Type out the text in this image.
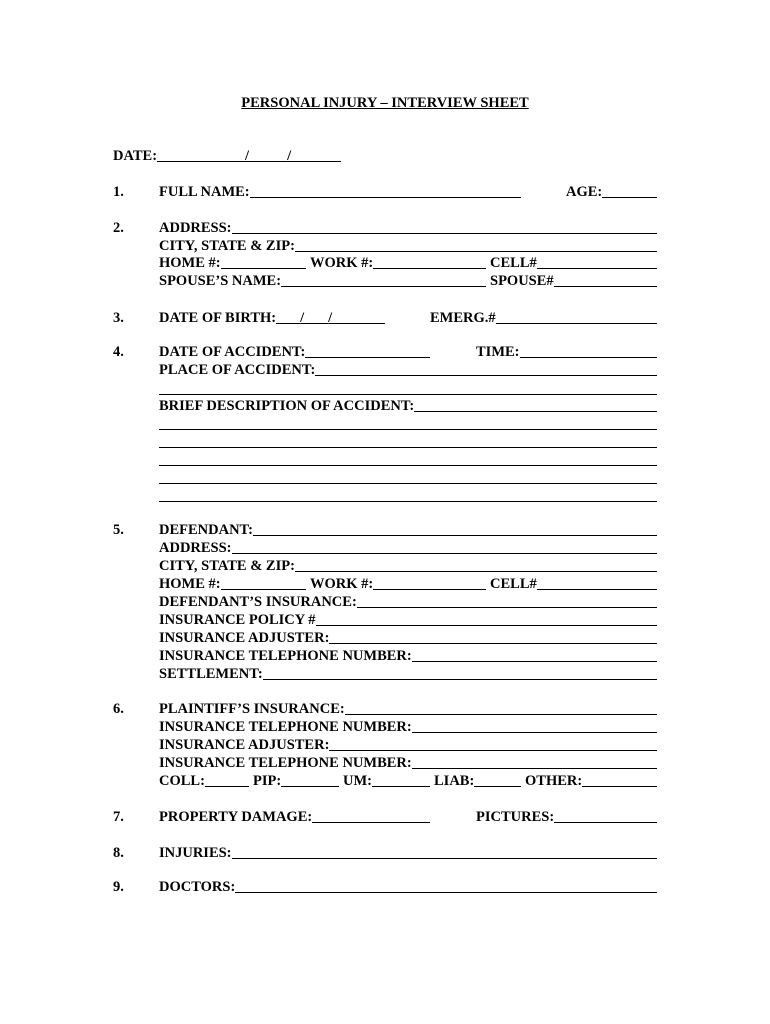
PERSONAL INJURY – INTERVIEW SHEET
DATE:	/	/
1.	FULL NAME:	AGE:
2.	ADDRESS:
CITY, STATE & ZIP:
HOME #:	WORK #:	CELL#
SPOUSE’S NAME:	SPOUSE#
3.	DATE OF BIRTH: / /	EMERG.#
4.	DATE OF ACCIDENT:	TIME:
PLACE OF ACCIDENT:
BRIEF DESCRIPTION OF ACCIDENT:
5.	DEFENDANT:
ADDRESS:
CITY, STATE & ZIP:
HOME #:	WORK #:	CELL#
DEFENDANT’S INSURANCE:
INSURANCE POLICY #
INSURANCE ADJUSTER:
INSURANCE TELEPHONE NUMBER:
SETTLEMENT:
6.	PLAINTIFF’S INSURANCE:
INSURANCE TELEPHONE NUMBER:
INSURANCE ADJUSTER:
INSURANCE TELEPHONE NUMBER:
COLL:	PIP:	UM:	LIAB:	OTHER:
7.	PROPERTY DAMAGE:	PICTURES:
8.	INJURIES:
9.	DOCTORS:
